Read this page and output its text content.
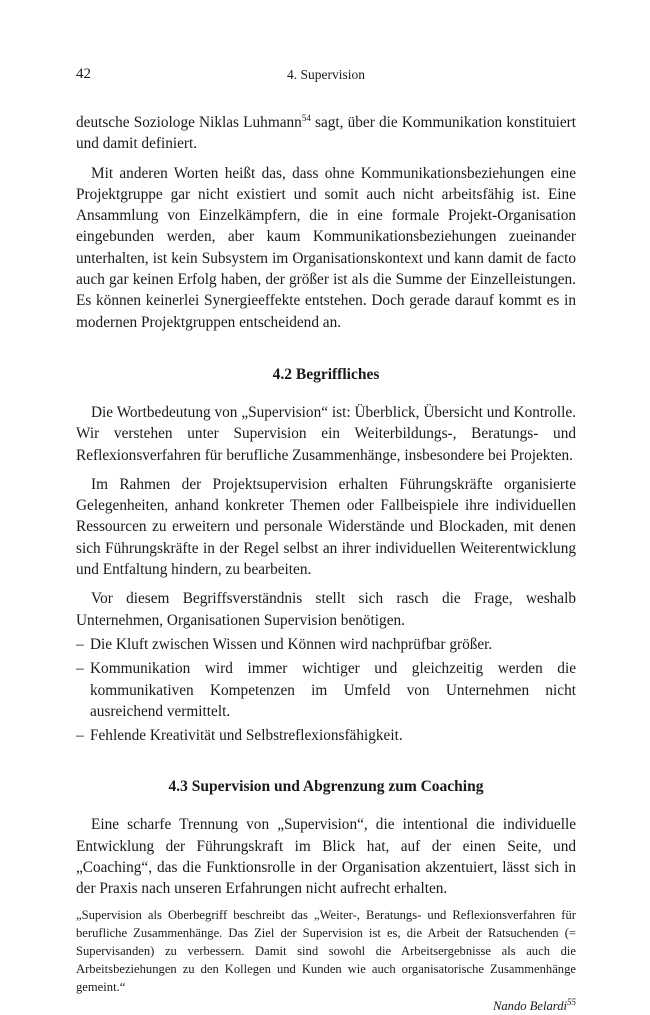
42	4. Supervision

deutsche Soziologe Niklas Luhmann$^{54}$ sagt, über die Kommunikation konstituiert und damit definiert.

Mit anderen Worten heißt das, dass ohne Kommunikationsbeziehungen eine Projektgruppe gar nicht existiert und somit auch nicht arbeitsfähig ist. Eine Ansammlung von Einzelkämpfern, die in eine formale Projekt-Organisation eingebunden werden, aber kaum Kommunikationsbeziehungen zueinander unterhalten, ist kein Subsystem im Organisationskontext und kann damit de facto auch gar keinen Erfolg haben, der größer ist als die Summe der Einzelleistungen. Es können keinerlei Synergieeffekte entstehen. Doch gerade darauf kommt es in modernen Projektgruppen entscheidend an.

4.2 Begriffliches

Die Wortbedeutung von „Supervision“ ist: Überblick, Übersicht und Kontrolle. Wir verstehen unter Supervision ein Weiterbildungs-, Beratungs- und Reflexionsverfahren für berufliche Zusammenhänge, insbesondere bei Projekten.

Im Rahmen der Projektsupervision erhalten Führungskräfte organisierte Gelegenheiten, anhand konkreter Themen oder Fallbeispiele ihre individuellen Ressourcen zu erweitern und personale Widerstände und Blockaden, mit denen sich Führungskräfte in der Regel selbst an ihrer individuellen Weiterentwicklung und Entfaltung hindern, zu bearbeiten.

Vor diesem Begriffsverständnis stellt sich rasch die Frage, weshalb Unternehmen, Organisationen Supervision benötigen.

– Die Kluft zwischen Wissen und Können wird nachprüfbar größer.
– Kommunikation wird immer wichtiger und gleichzeitig werden die kommunikativen Kompetenzen im Umfeld von Unternehmen nicht ausreichend vermittelt.
– Fehlende Kreativität und Selbstreflexionsfähigkeit.
4.3 Supervision und Abgrenzung zum Coaching

Eine scharfe Trennung von „Supervision“, die intentional die individuelle Entwicklung der Führungskraft im Blick hat, auf der einen Seite, und „Coaching“, das die Funktionsrolle in der Organisation akzentuiert, lässt sich in der Praxis nach unseren Erfahrungen nicht aufrecht erhalten.

„Supervision als Oberbegriff beschreibt das „Weiter-, Beratungs- und Reflexionsverfahren für berufliche Zusammenhänge. Das Ziel der Supervision ist es, die Arbeit der Ratsuchenden (= Supervisanden) zu verbessern. Damit sind sowohl die Arbeitsergebnisse als auch die Arbeitsbeziehungen zu den Kollegen und Kunden wie auch organisatorische Zusammenhänge gemeint.“
Nando Belardi$^{55}$
